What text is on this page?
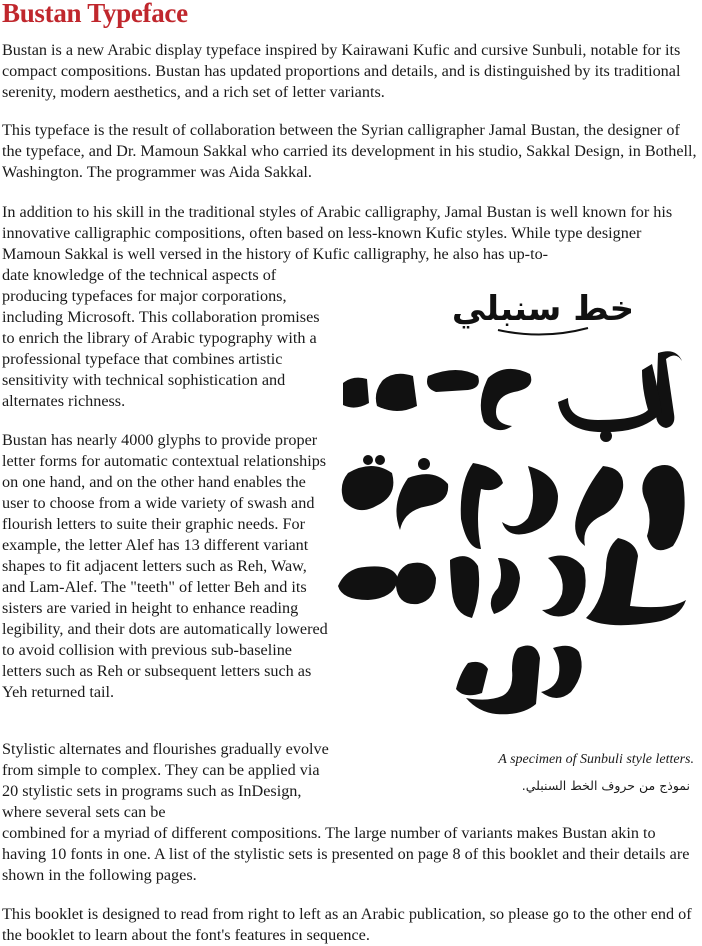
Bustan Typeface

Bustan is a new Arabic display typeface inspired by Kairawani Kufic and cursive Sunbuli, notable for its compact compositions. Bustan has updated proportions and details, and is distinguished by its traditional serenity, modern aesthetics, and a rich set of letter variants.

This typeface is the result of collaboration between the Syrian calligrapher Jamal Bustan, the designer of the typeface, and Dr. Mamoun Sakkal who carried its development in his studio, Sakkal Design, in Bothell, Washington. The programmer was Aida Sakkal.

In addition to his skill in the traditional styles of Arabic calligraphy, Jamal Bustan is well known for his innovative calligraphic compositions, often based on less-known Kufic styles. While type designer Mamoun Sakkal is well versed in the history of Kufic calligraphy, he also has up-to-

date knowledge of the technical aspects of producing typefaces for major corporations, including Microsoft. This collaboration promises to enrich the library of Arabic typography with a professional typeface that combines artistic sensitivity with technical sophistication and alternates richness.

Bustan has nearly 4000 glyphs to provide proper letter forms for automatic contextual relationships on one hand, and on the other hand enables the user to choose from a wide variety of swash and flourish letters to suite their graphic needs. For example, the letter Alef has 13 different variant shapes to fit adjacent letters such as Reh, Waw, and Lam-Alef. The "teeth" of letter Beh and its sisters are varied in height to enhance reading legibility, and their dots are automatically lowered to avoid collision with previous sub-baseline letters such as Reh or subsequent letters such as Yeh returned tail.

Stylistic alternates and flourishes gradually evolve from simple to complex. They can be applied via 20 stylistic sets in programs such as InDesign, where several sets can be

combined for a myriad of different compositions. The large number of variants makes Bustan akin to having 10 fonts in one. A list of the stylistic sets is presented on page 8 of this booklet and their details are shown in the following pages.

This booklet is designed to read from right to left as an Arabic publication, so please go to the other end of the booklet to learn about the font's features in sequence.

خط سنبلي
A specimen of Sunbuli style letters.
نموذج من حروف الخط السنبلي.
